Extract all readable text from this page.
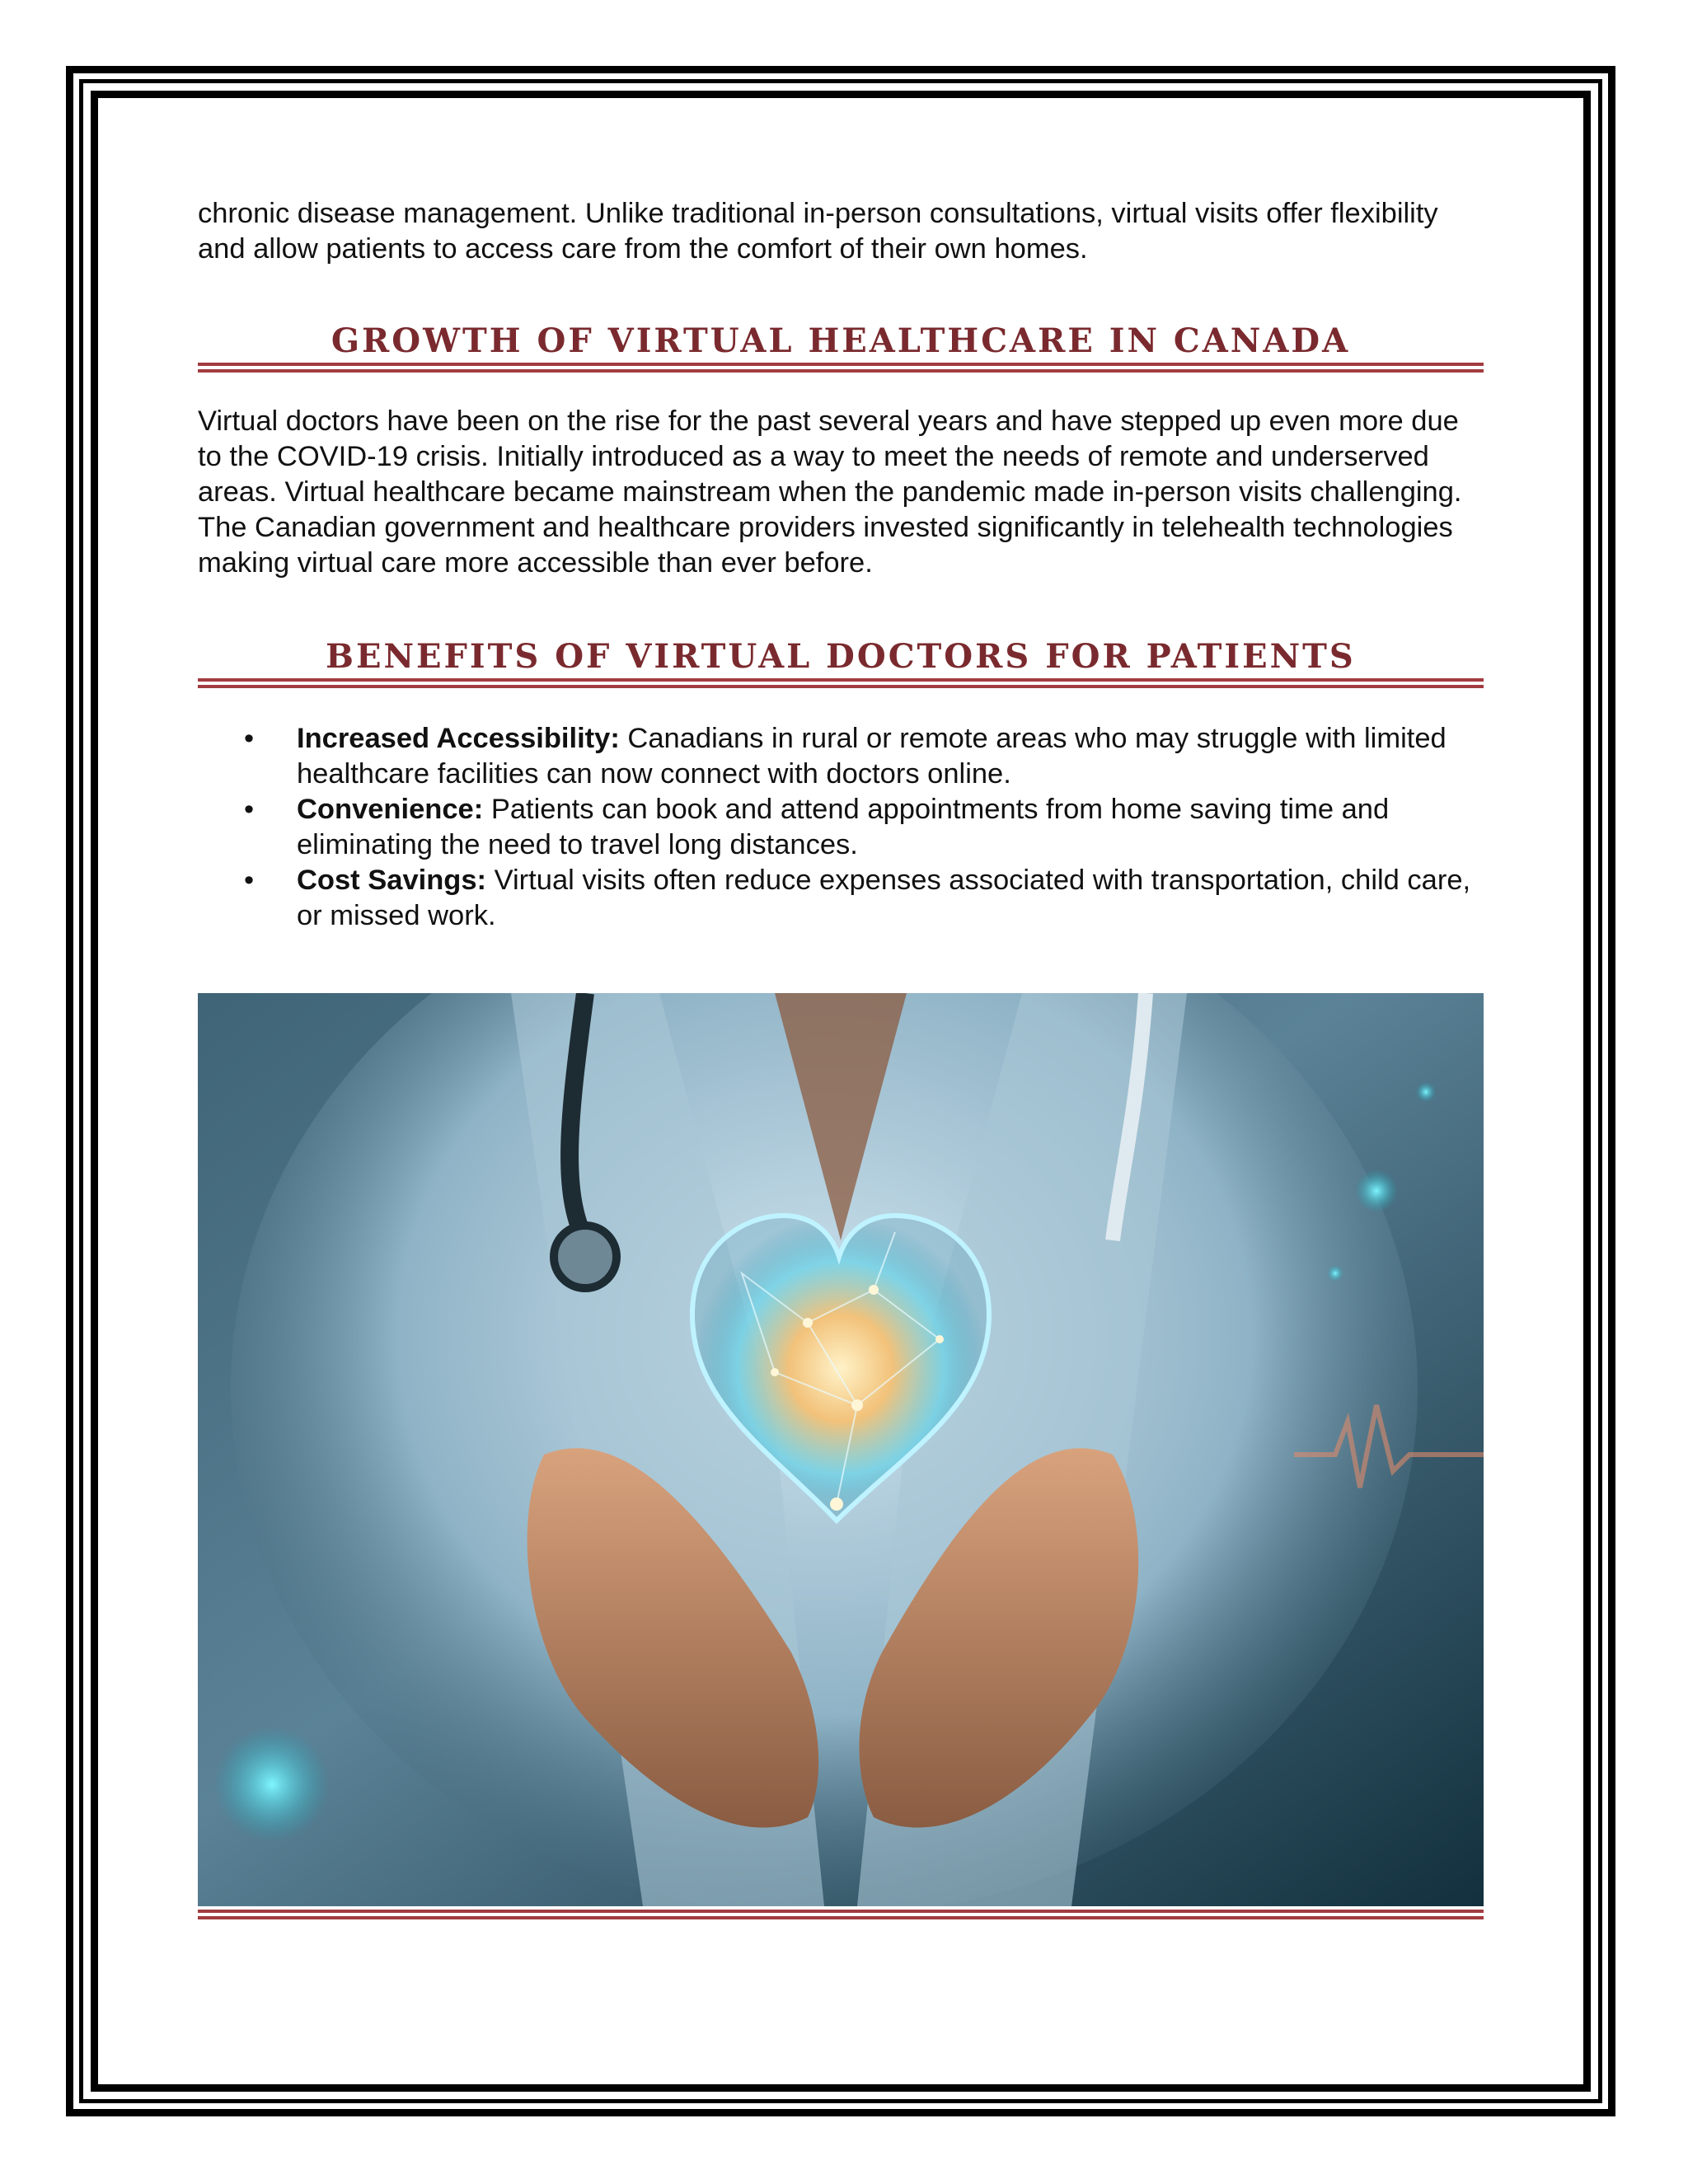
chronic disease management. Unlike traditional in-person consultations, virtual visits offer flexibility and allow patients to access care from the comfort of their own homes.

GROWTH OF VIRTUAL HEALTHCARE IN CANADA

Virtual doctors have been on the rise for the past several years and have stepped up even more due to the COVID-19 crisis. Initially introduced as a way to meet the needs of remote and underserved areas. Virtual healthcare became mainstream when the pandemic made in-person visits challenging. The Canadian government and healthcare providers invested significantly in telehealth technologies making virtual care more accessible than ever before.

BENEFITS OF VIRTUAL DOCTORS FOR PATIENTS
• Increased Accessibility: Canadians in rural or remote areas who may struggle with limited healthcare facilities can now connect with doctors online.
• Convenience: Patients can book and attend appointments from home saving time and eliminating the need to travel long distances.
• Cost Savings: Virtual visits often reduce expenses associated with transportation, child care, or missed work.
